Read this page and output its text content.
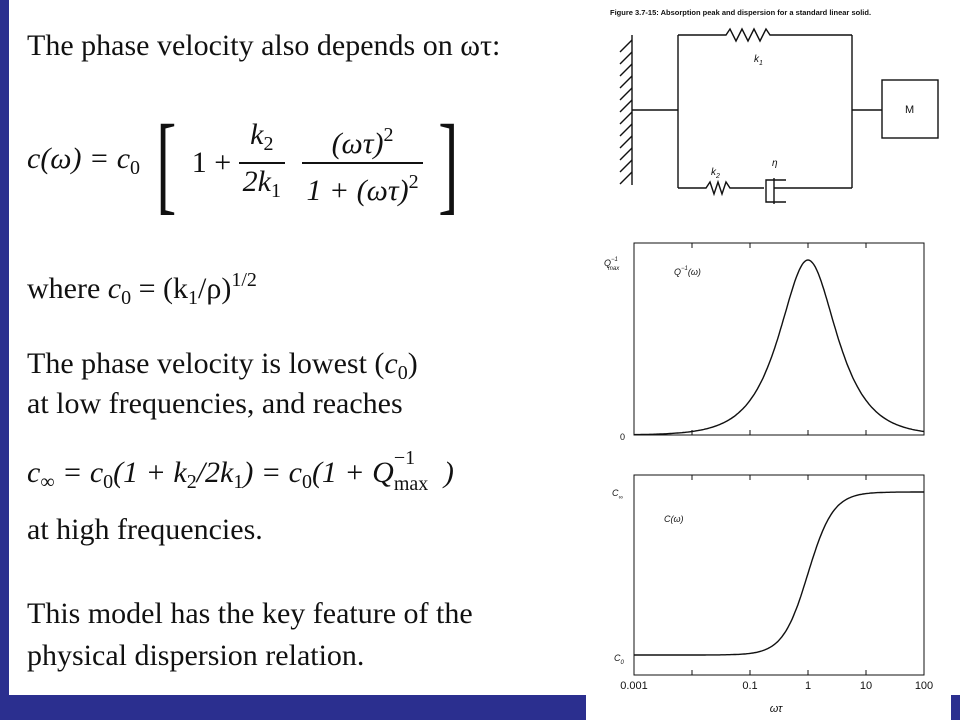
The phase velocity also depends on ωτ:
$c(\omega) = c_0$ [ $1 + \frac{k_2}{2k_1}$
$\frac{(\omega\tau)^2}{1 + (\omega\tau)^2}$ ]
where $c_0 = (k_1/\rho)^{1/2}$
The phase velocity is lowest $(c_0)$
at low frequencies, and reaches
$c_\infty = c_0(1 + k_2/2k_1) = c_0(1 + Q -1$
max )
at high frequencies.
This model has the key feature of the
physical dispersion relation.
Figure 3.7-15: Absorption peak and dispersion for a standard linear solid.
$k_1$
$k_2$
η
M
$Q^{-1}$ max
0
$Q^{-1}(\omega)$
$C_\infty$
$C_0$
C(ω)
0.001	0.1	1	10	100
ωτ
